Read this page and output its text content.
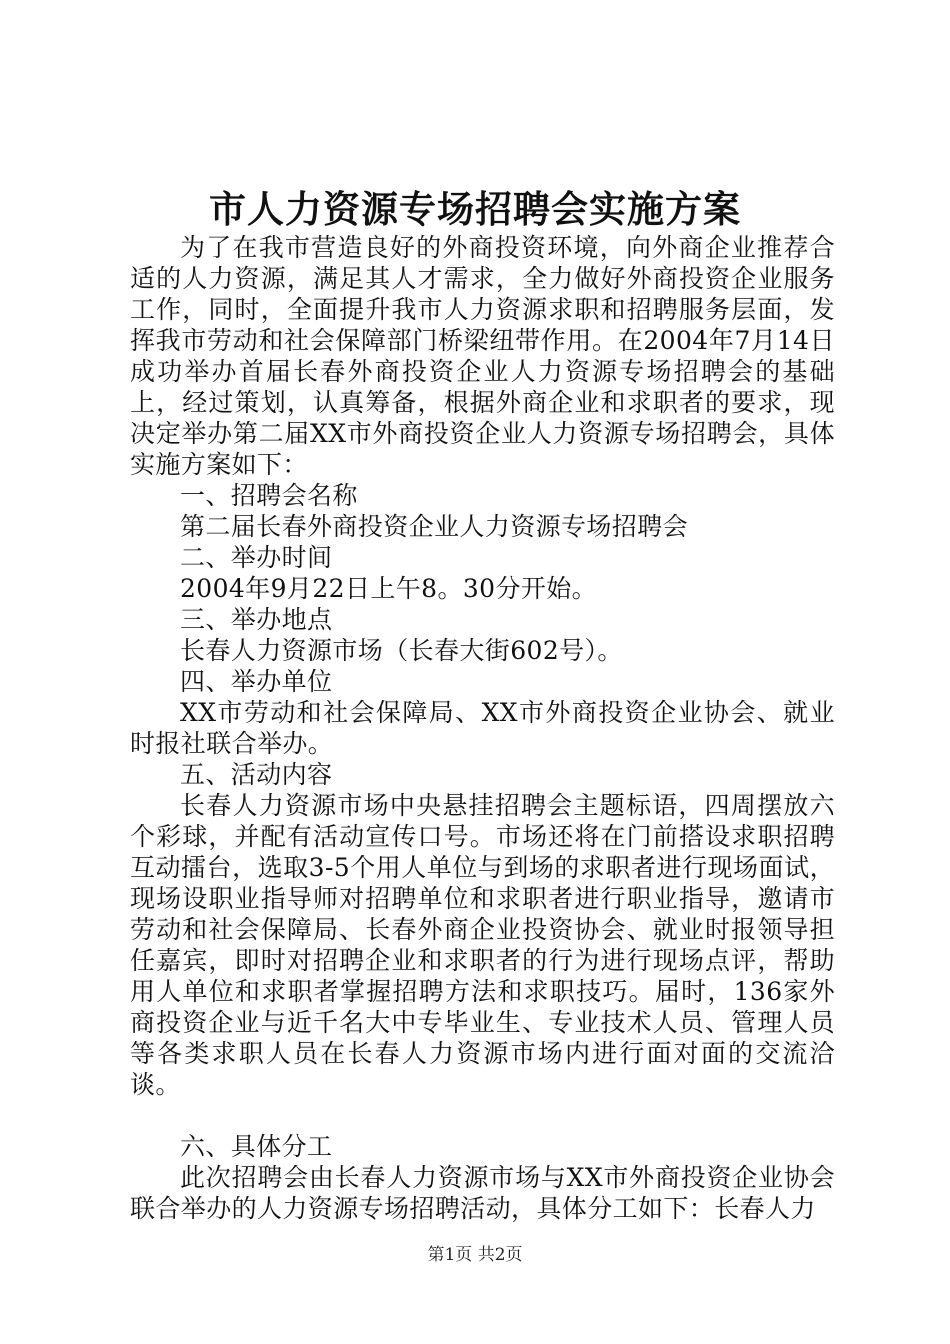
市人力资源专场招聘会实施方案

为了在我市营造良好的外商投资环境，向外商企业推荐合适的人力资源，满足其人才需求，全力做好外商投资企业服务工作，同时，全面提升我市人力资源求职和招聘服务层面，发挥我市劳动和社会保障部门桥梁纽带作用。在2004年7月14日成功举办首届长春外商投资企业人力资源专场招聘会的基础上，经过策划，认真筹备，根据外商企业和求职者的要求，现决定举办第二届XX市外商投资企业人力资源专场招聘会，具体实施方案如下：

一、招聘会名称

第二届长春外商投资企业人力资源专场招聘会

二、举办时间

2004年9月22日上午8。30分开始。

三、举办地点

长春人力资源市场（长春大街602号）。

四、举办单位

XX市劳动和社会保障局、XX市外商投资企业协会、就业时报社联合举办。

五、活动内容

长春人力资源市场中央悬挂招聘会主题标语，四周摆放六个彩球，并配有活动宣传口号。市场还将在门前搭设求职招聘互动擂台，选取3-5个用人单位与到场的求职者进行现场面试，现场设职业指导师对招聘单位和求职者进行职业指导，邀请市劳动和社会保障局、长春外商企业投资协会、就业时报领导担任嘉宾，即时对招聘企业和求职者的行为进行现场点评，帮助用人单位和求职者掌握招聘方法和求职技巧。届时，136家外商投资企业与近千名大中专毕业生、专业技术人员、管理人员等各类求职人员在长春人力资源市场内进行面对面的交流洽谈。

六、具体分工

此次招聘会由长春人力资源市场与XX市外商投资企业协会联合举办的人力资源专场招聘活动，具体分工如下：长春人力

第1页 共2页
